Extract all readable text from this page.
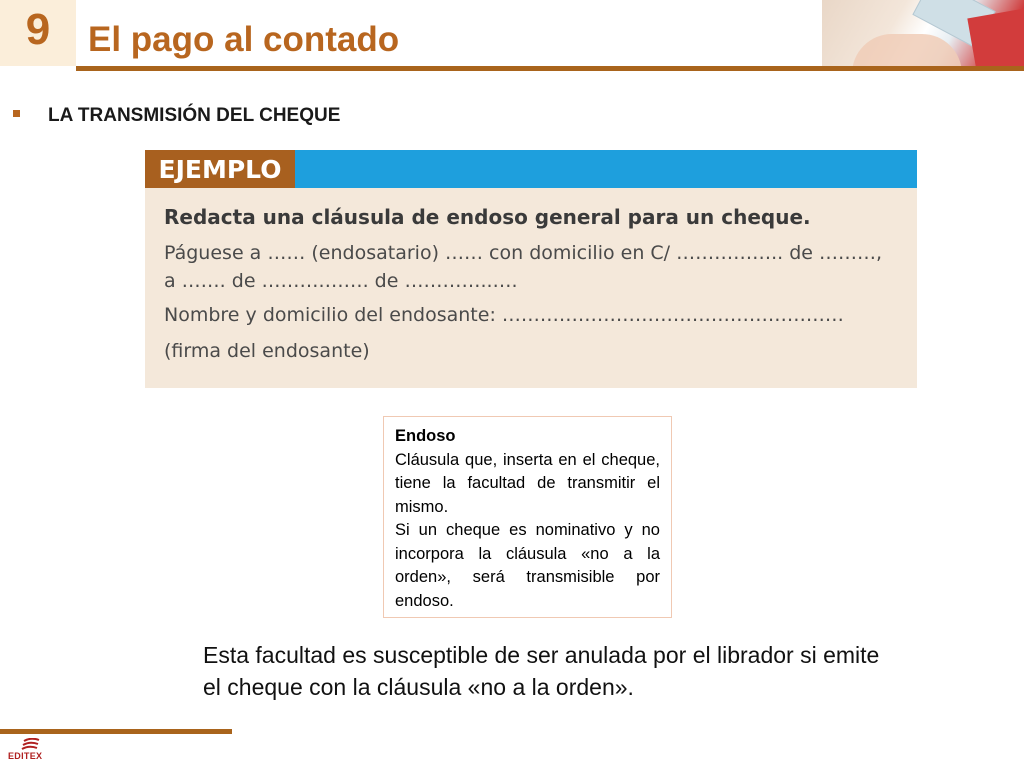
9 El pago al contado
LA TRANSMISIÓN DEL CHEQUE
EJEMPLO
Redacta una cláusula de endoso general para un cheque.
Páguese a …… (endosatario) …… con domicilio en C/ …………….. de ………,
a ……. de ……….……. de …………..….
Nombre y domicilio del endosante: ………………………………………………
(firma del endosante)
Endoso
Cláusula que, inserta en el cheque, tiene la facultad de transmitir el mismo.
Si un cheque es nominativo y no incorpora la cláusula «no a la orden», será transmisible por endoso.
Esta facultad es susceptible de ser anulada por el librador si emite el cheque con la cláusula «no a la orden».
EDITEX
